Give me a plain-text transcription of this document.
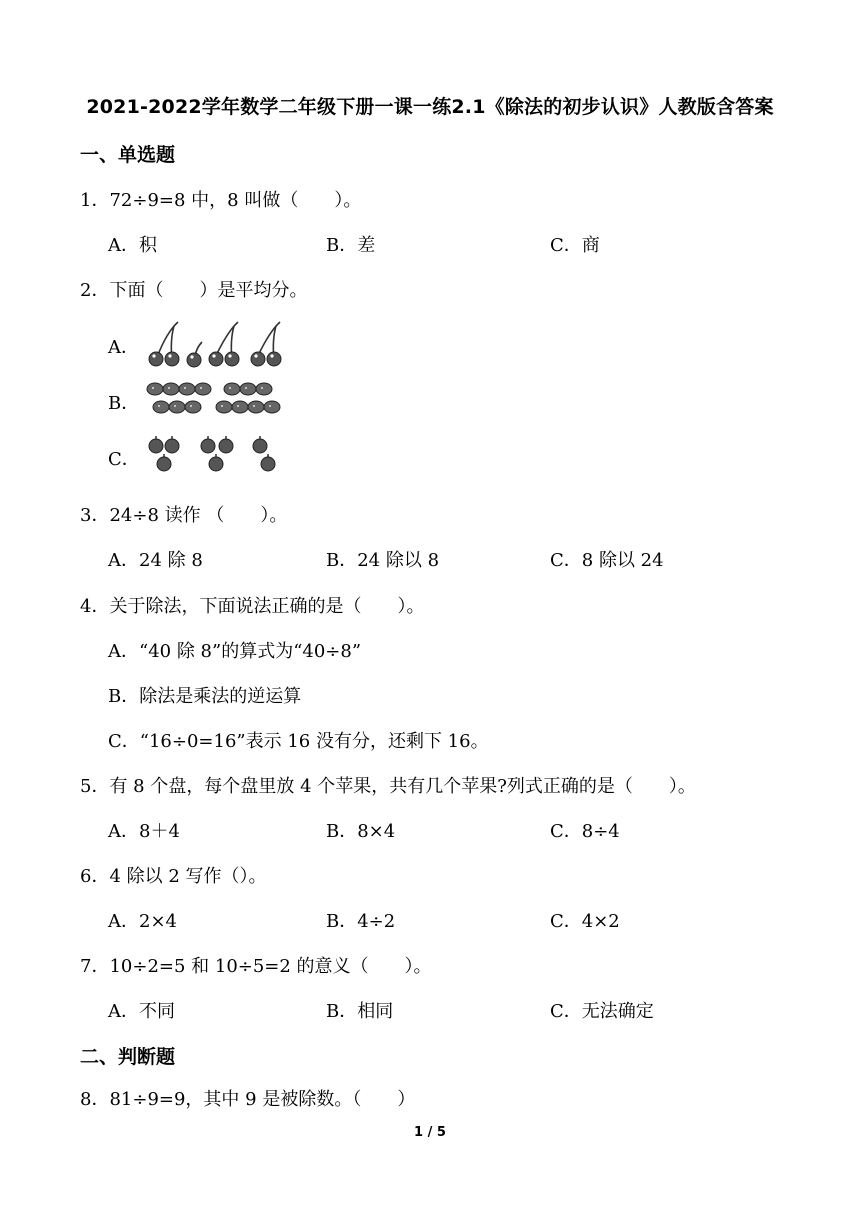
2021-2022学年数学二年级下册一课一练2.1《除法的初步认识》人教版含答案
一、单选题
1．72÷9=8 中，8 叫做（　　）。
A．积	B．差	C．商
2．下面（　　）是平均分。
A．
B．
C．
3．24÷8 读作 （　　）。
A．24 除 8	B．24 除以 8	C．8 除以 24
4．关于除法，下面说法正确的是（　　）。
A．“40 除 8”的算式为“40÷8”
B．除法是乘法的逆运算
C．“16÷0=16”表示 16 没有分，还剩下 16。
5．有 8 个盘，每个盘里放 4 个苹果，共有几个苹果?列式正确的是（　　）。
A．8＋4	B．8×4	C．8÷4
6．4 除以 2 写作（）。
A．2×4	B．4÷2	C．4×2
7．10÷2=5 和 10÷5=2 的意义（　　）。
A．不同	B．相同	C．无法确定
二、判断题
8．81÷9=9，其中 9 是被除数。（　　）
1 / 5
